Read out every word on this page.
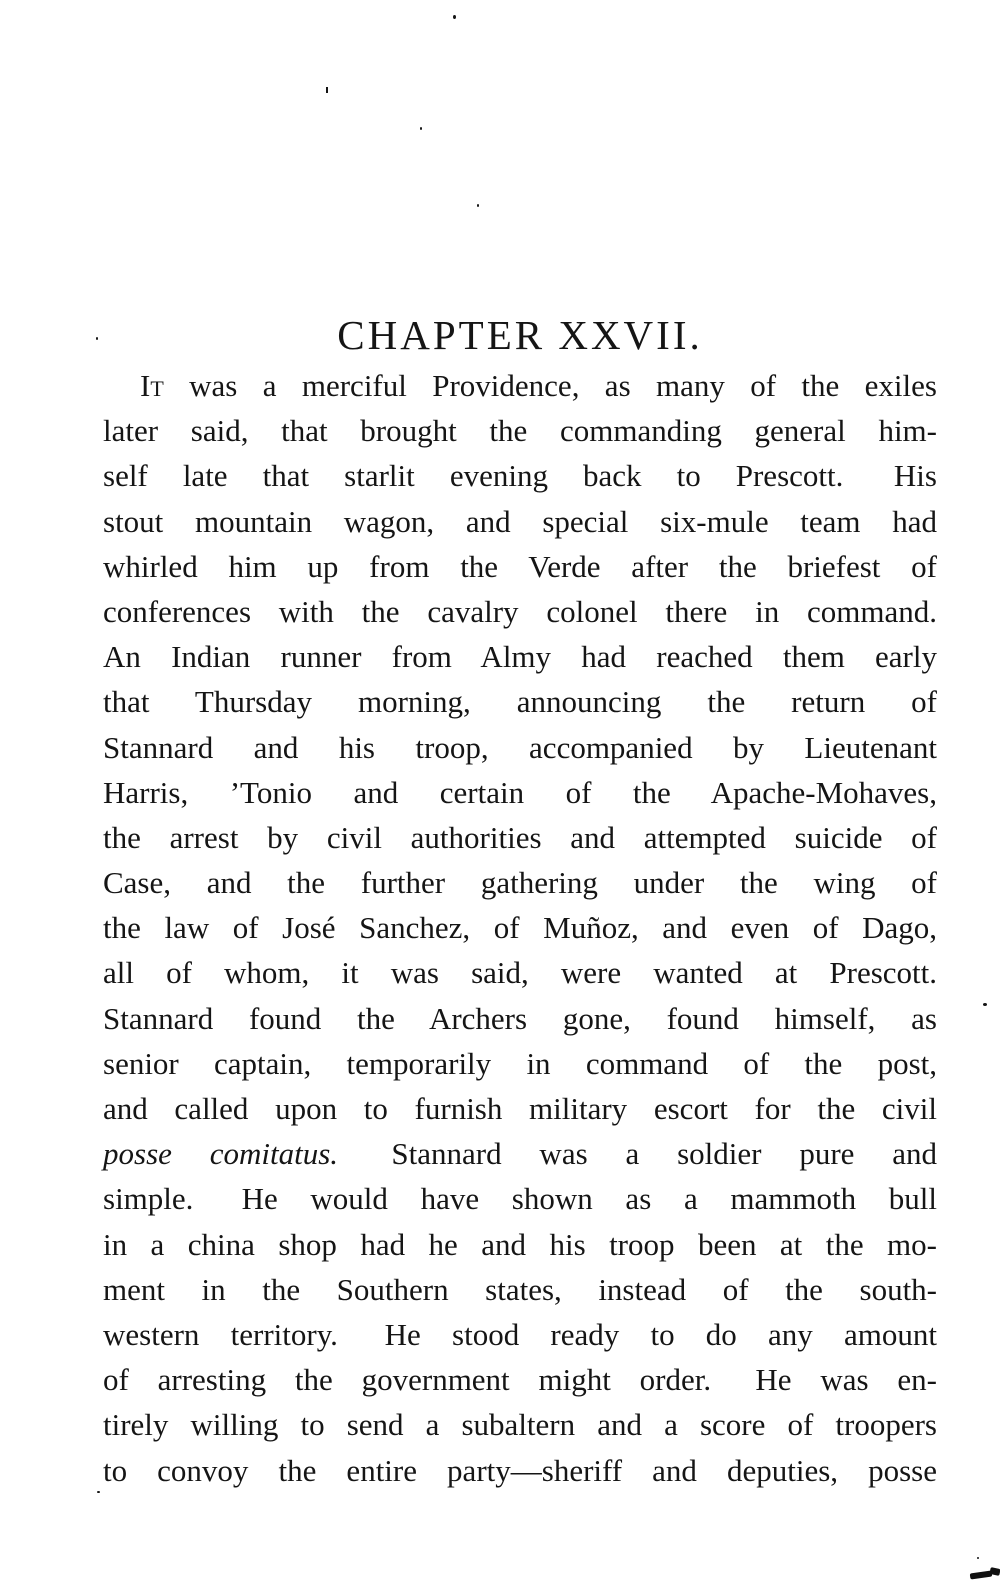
CHAPTER XXVII.
It was a merciful Providence, as many of the exiles
later said, that brought the commanding general him-
self late that starlit evening back to Prescott.  His
stout mountain wagon, and special six-mule team had
whirled him up from the Verde after the briefest of
conferences with the cavalry colonel there in command.
An Indian runner from Almy had reached them early
that Thursday morning, announcing the return of
Stannard and his troop, accompanied by Lieutenant
Harris, ’Tonio and certain of the Apache-Mohaves,
the arrest by civil authorities and attempted suicide of
Case, and the further gathering under the wing of
the law of José Sanchez, of Muñoz, and even of Dago,
all of whom, it was said, were wanted at Prescott.
Stannard found the Archers gone, found himself, as
senior captain, temporarily in command of the post,
and called upon to furnish military escort for the civil
posse comitatus.  Stannard was a soldier pure and
simple.  He would have shown as a mammoth bull
in a china shop had he and his troop been at the mo-
ment in the Southern states, instead of the south-
western territory.  He stood ready to do any amount
of arresting the government might order.  He was en-
tirely willing to send a subaltern and a score of troopers
to convoy the entire party—sheriff and deputies, posse
